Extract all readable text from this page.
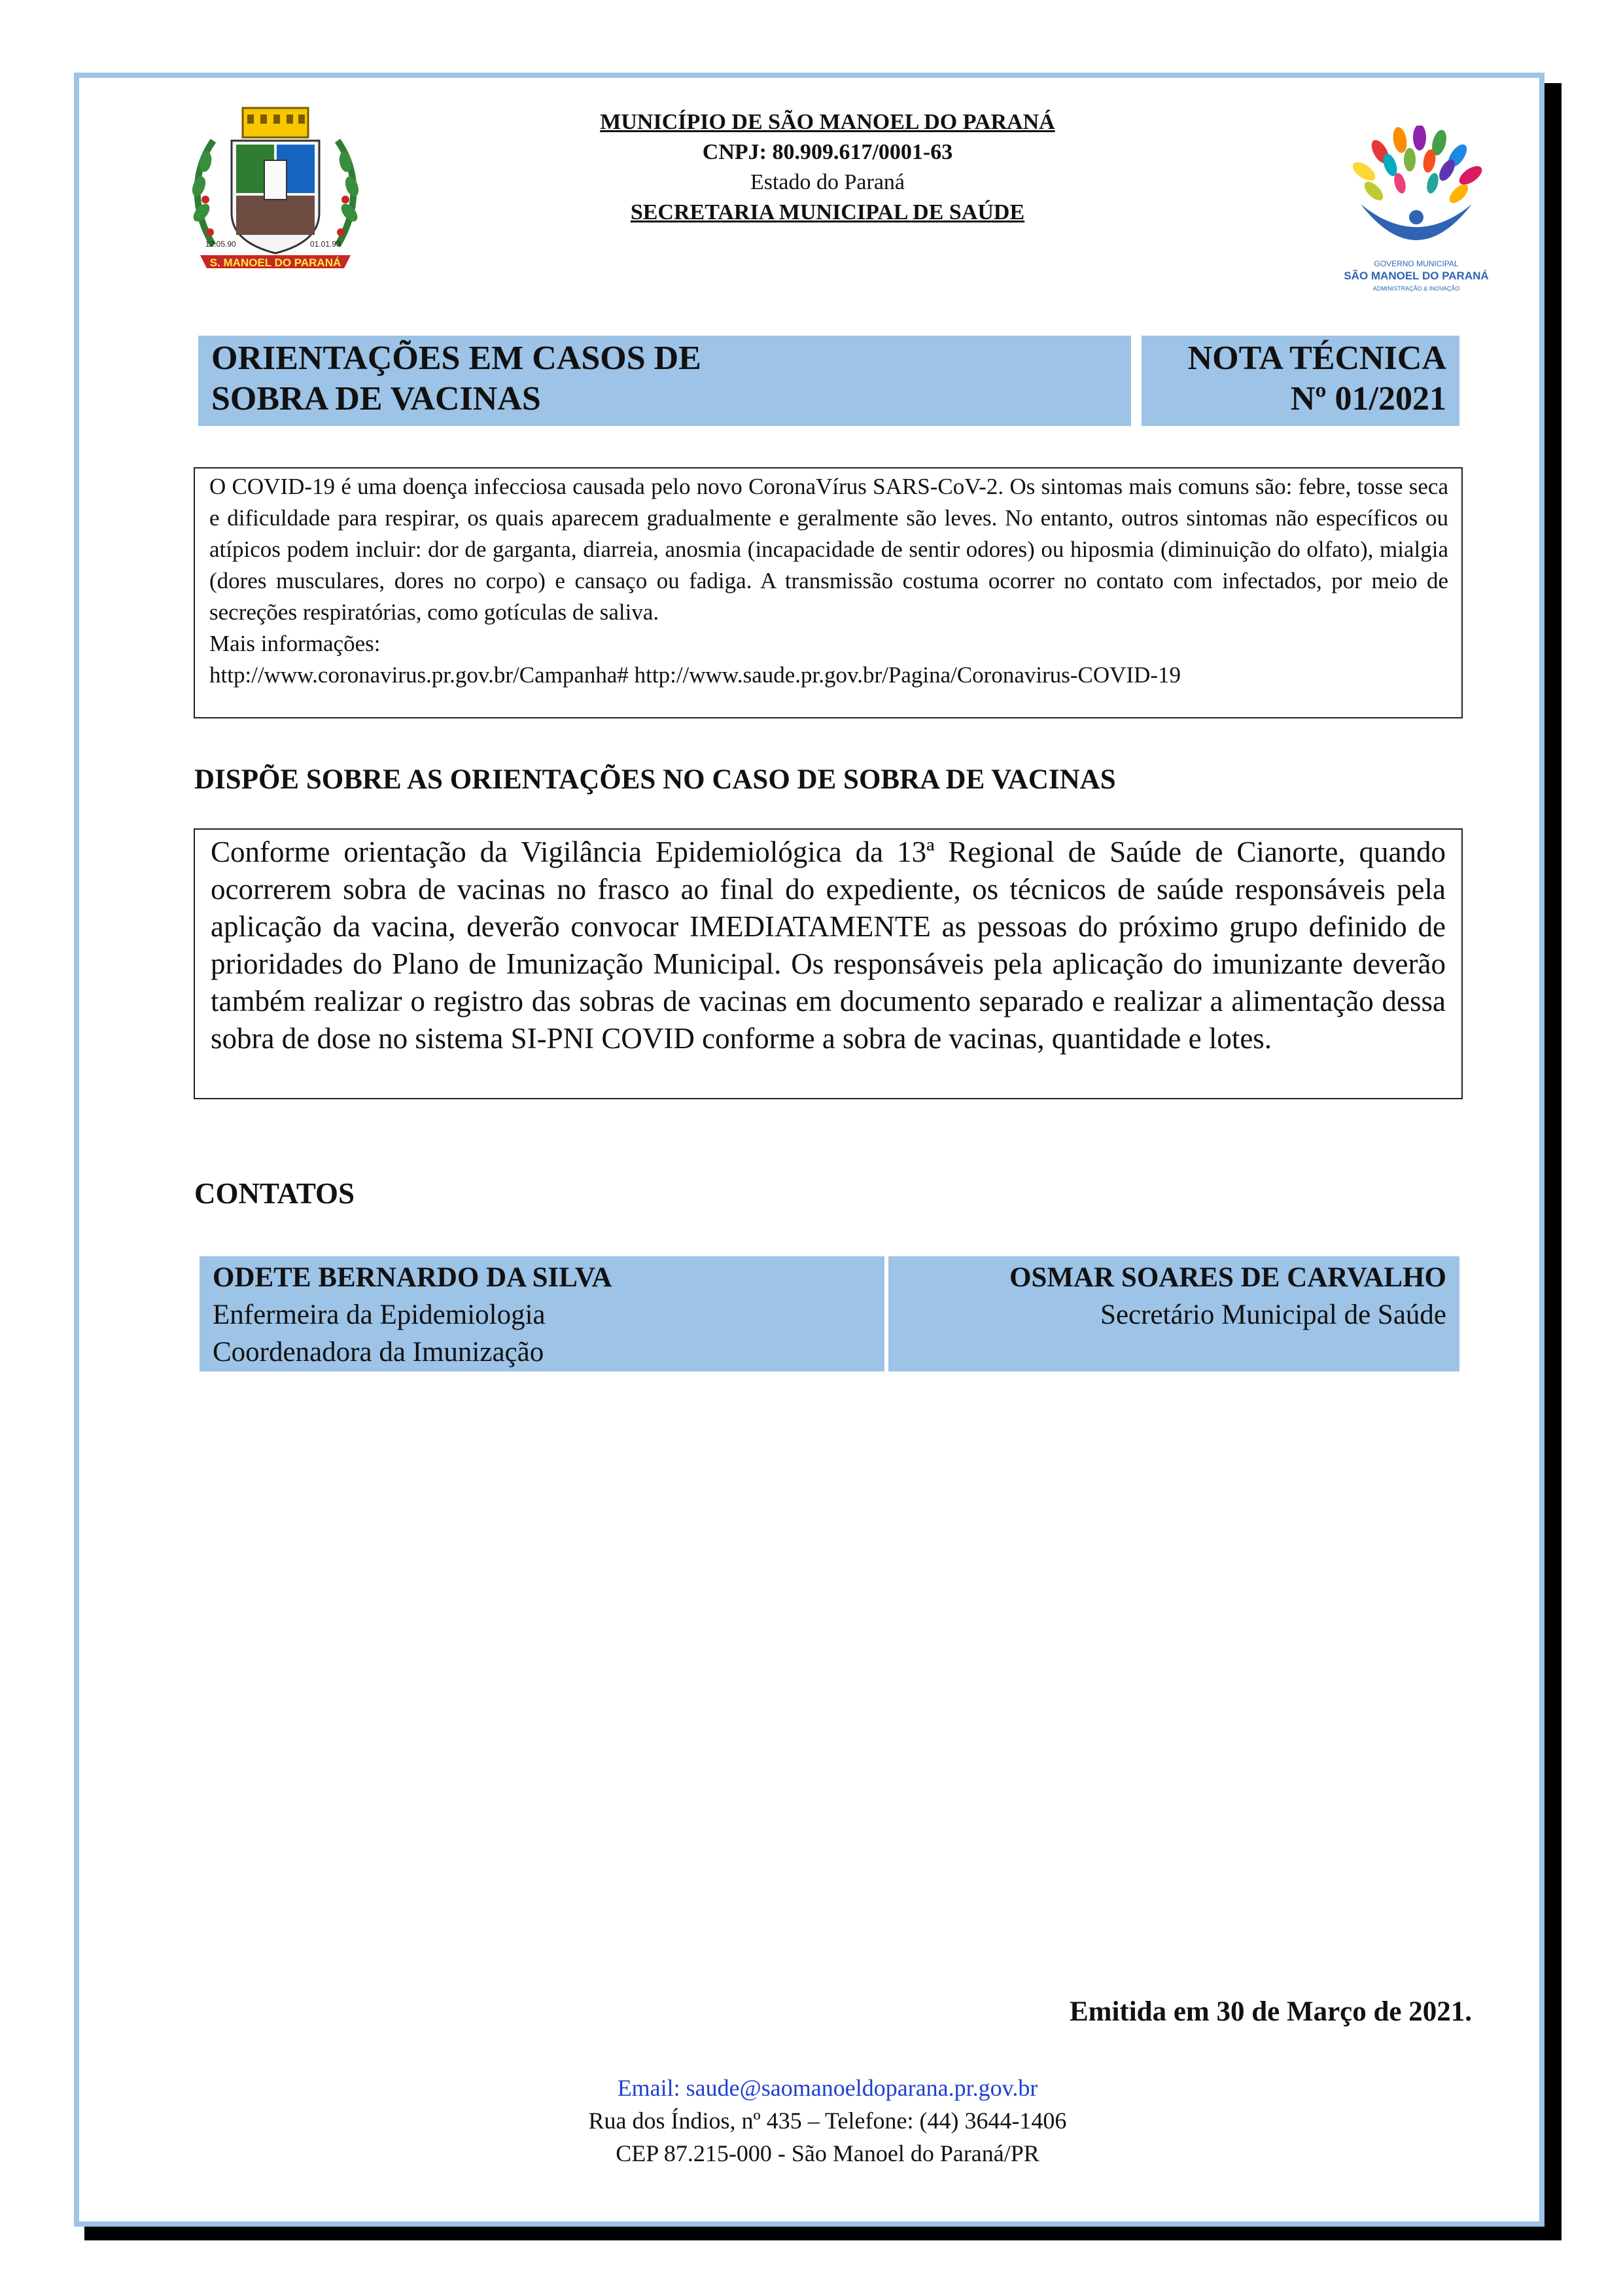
S. MANOEL DO PARANÁ
12.05.90	01.01.93
MUNICÍPIO DE SÃO MANOEL DO PARANÁ
CNPJ: 80.909.617/0001-63
Estado do Paraná
SECRETARIA MUNICIPAL DE SAÚDE
GOVERNO MUNICIPAL
SÃO MANOEL DO PARANÁ
ADMINISTRAÇÃO & INOVAÇÃO
ORIENTAÇÕES EM CASOS DE
SOBRA DE VACINAS
NOTA TÉCNICA
Nº 01/2021

O COVID-19 é uma doença infecciosa causada pelo novo CoronaVírus SARS-CoV-2. Os sintomas mais comuns são: febre, tosse seca e dificuldade para respirar, os quais aparecem gradualmente e geralmente são leves. No entanto, outros sintomas não específicos ou atípicos podem incluir: dor de garganta, diarreia, anosmia (incapacidade de sentir odores) ou hiposmia (diminuição do olfato), mialgia (dores musculares, dores no corpo) e cansaço ou fadiga. A transmissão costuma ocorrer no contato com infectados, por meio de secreções respiratórias, como gotículas de saliva.

Mais informações:

http://www.coronavirus.pr.gov.br/Campanha# http://www.saude.pr.gov.br/Pagina/Coronavirus-COVID-19

DISPÕE SOBRE AS ORIENTAÇÕES NO CASO DE SOBRA DE VACINAS

Conforme orientação da Vigilância Epidemiológica da 13ª Regional de Saúde de Cianorte, quando ocorrerem sobra de vacinas no frasco ao final do expediente, os técnicos de saúde responsáveis pela aplicação da vacina, deverão convocar IMEDIATAMENTE as pessoas do próximo grupo definido de prioridades do Plano de Imunização Municipal. Os responsáveis pela aplicação do imunizante deverão também realizar o registro das sobras de vacinas em documento separado e realizar a alimentação dessa sobra de dose no sistema SI-PNI COVID conforme a sobra de vacinas, quantidade e lotes.

CONTATOS
ODETE BERNARDO DA SILVA
Enfermeira da Epidemiologia
Coordenadora da Imunização
OSMAR SOARES DE CARVALHO
Secretário Municipal de Saúde
Emitida em 30 de Março de 2021.
Email: saude@saomanoeldoparana.pr.gov.br
Rua dos Índios, nº 435 – Telefone: (44) 3644-1406
CEP 87.215-000 - São Manoel do Paraná/PR
